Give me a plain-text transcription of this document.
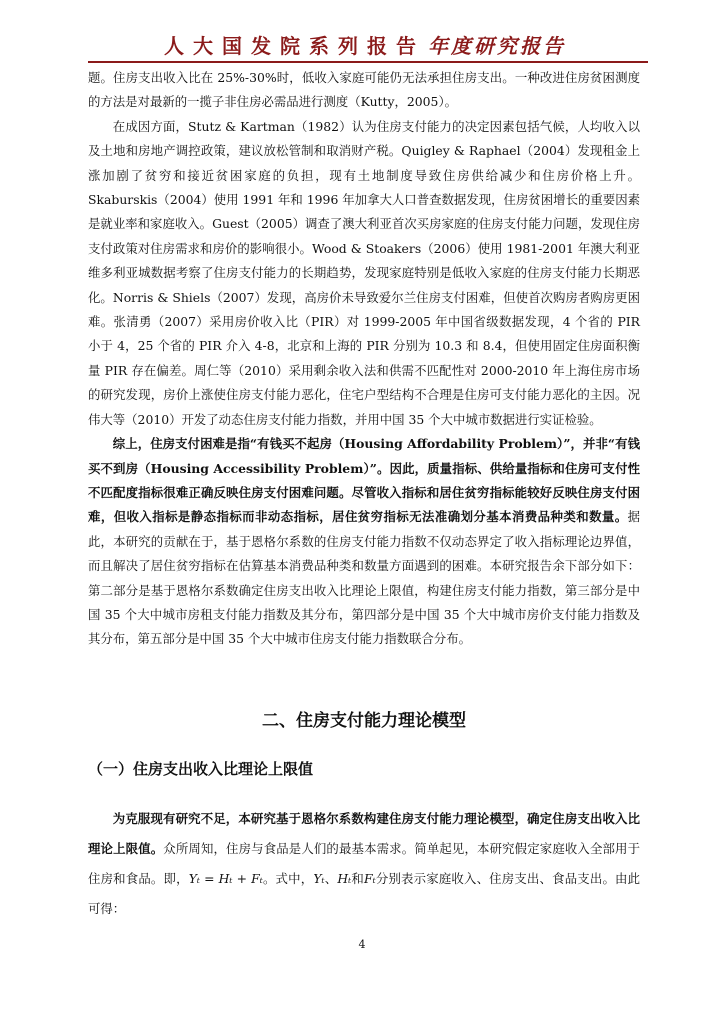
人大国发院系列报告 年度研究报告

题。住房支出收入比在 25%-30%时，低收入家庭可能仍无法承担住房支出。一种改进住房贫困测度的方法是对最新的一揽子非住房必需品进行测度（Kutty，2005）。

在成因方面，Stutz & Kartman（1982）认为住房支付能力的决定因素包括气候，人均收入以及土地和房地产调控政策，建议放松管制和取消财产税。Quigley & Raphael（2004）发现租金上涨加剧了贫穷和接近贫困家庭的负担，现有土地制度导致住房供给减少和住房价格上升。Skaburskis（2004）使用 1991 年和 1996 年加拿大人口普查数据发现，住房贫困增长的重要因素是就业率和家庭收入。Guest（2005）调查了澳大利亚首次买房家庭的住房支付能力问题，发现住房支付政策对住房需求和房价的影响很小。Wood & Stoakers（2006）使用 1981-2001 年澳大利亚维多利亚城数据考察了住房支付能力的长期趋势，发现家庭特别是低收入家庭的住房支付能力长期恶化。Norris & Shiels（2007）发现，高房价未导致爱尔兰住房支付困难，但使首次购房者购房更困难。张清勇（2007）采用房价收入比（PIR）对 1999-2005 年中国省级数据发现，4 个省的 PIR 小于 4，25 个省的 PIR 介入 4-8，北京和上海的 PIR 分别为 10.3 和 8.4，但使用固定住房面积衡量 PIR 存在偏差。周仁等（2010）采用剩余收入法和供需不匹配性对 2000-2010 年上海住房市场的研究发现，房价上涨使住房支付能力恶化，住宅户型结构不合理是住房可支付能力恶化的主因。况伟大等（2010）开发了动态住房支付能力指数，并用中国 35 个大中城市数据进行实证检验。

综上，住房支付困难是指“有钱买不起房（Housing Affordability Problem）”，并非“有钱买不到房（Housing Accessibility Problem）”。因此，质量指标、供给量指标和住房可支付性不匹配度指标很难正确反映住房支付困难问题。尽管收入指标和居住贫穷指标能较好反映住房支付困难，但收入指标是静态指标而非动态指标，居住贫穷指标无法准确划分基本消费品种类和数量。据此，本研究的贡献在于，基于恩格尔系数的住房支付能力指数不仅动态界定了收入指标理论边界值，而且解决了居住贫穷指标在估算基本消费品种类和数量方面遇到的困难。本研究报告余下部分如下：第二部分是基于恩格尔系数确定住房支出收入比理论上限值，构建住房支付能力指数，第三部分是中国 35 个大中城市房租支付能力指数及其分布，第四部分是中国 35 个大中城市房价支付能力指数及其分布，第五部分是中国 35 个大中城市住房支付能力指数联合分布。

二、住房支付能力理论模型
（一）住房支出收入比理论上限值

为克服现有研究不足，本研究基于恩格尔系数构建住房支付能力理论模型，确定住房支出收入比理论上限值。众所周知，住房与食品是人们的最基本需求。简单起见，本研究假定家庭收入全部用于住房和食品。即，Yₜ = Hₜ + Fₜ。式中，Yₜ、Hₜ和Fₜ分别表示家庭收入、住房支出、食品支出。由此可得：

4
